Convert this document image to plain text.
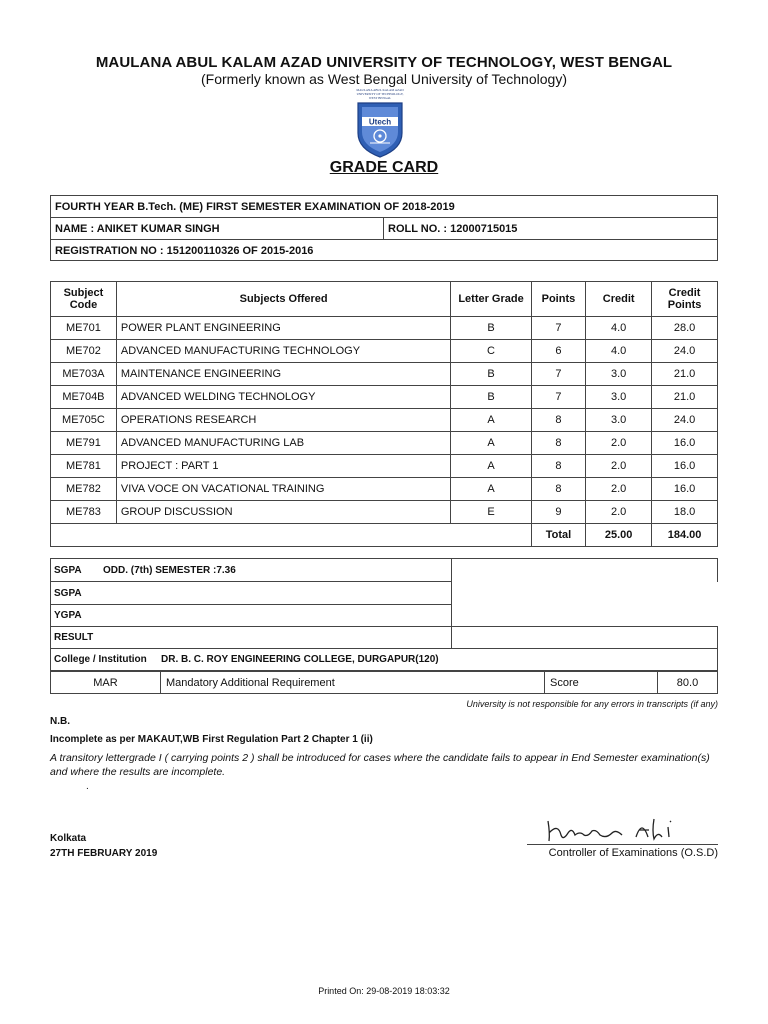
MAULANA ABUL KALAM AZAD UNIVERSITY OF TECHNOLOGY, WEST BENGAL
(Formerly known as West Bengal University of Technology)
MAULANA ABUL KALAM AZAD
UNIVERSITY OF TECHNOLOGY,
WEST BENGAL
Utech
GRADE CARD
FOURTH YEAR B.Tech. (ME) FIRST SEMESTER EXAMINATION OF 2018-2019
NAME : ANIKET KUMAR SINGH	ROLL NO. : 12000715015
REGISTRATION NO : 151200110326 OF 2015-2016
Subject Code	Subjects Offered	Letter Grade	Points	Credit	Credit Points
ME701	POWER PLANT ENGINEERING	B	7	4.0	28.0
ME702	ADVANCED MANUFACTURING TECHNOLOGY	C	6	4.0	24.0
ME703A	MAINTENANCE ENGINEERING	B	7	3.0	21.0
ME704B	ADVANCED WELDING TECHNOLOGY	B	7	3.0	21.0
ME705C	OPERATIONS RESEARCH	A	8	3.0	24.0
ME791	ADVANCED MANUFACTURING LAB	A	8	2.0	16.0
ME781	PROJECT : PART 1	A	8	2.0	16.0
ME782	VIVA VOCE ON VACATIONAL TRAINING	A	8	2.0	16.0
ME783	GROUP DISCUSSION	E	9	2.0	18.0
			Total	25.00	184.00
SGPA	ODD. (7th) SEMESTER :7.36
SGPA
YGPA
RESULT
College / Institution	DR. B. C. ROY ENGINEERING COLLEGE, DURGAPUR(120)
MAR	Mandatory Additional Requirement	Score	80.0
University is not responsible for any errors in transcripts (if any)
N.B.
Incomplete as per MAKAUT,WB First Regulation Part 2 Chapter 1 (ii)
A transitory lettergrade I ( carrying points 2 ) shall be introduced for cases where the candidate fails to appear in End Semester examination(s) and where the results are incomplete.
.
Kolkata
27TH FEBRUARY 2019	Controller of Examinations (O.S.D)
Printed On: 29-08-2019 18:03:32
